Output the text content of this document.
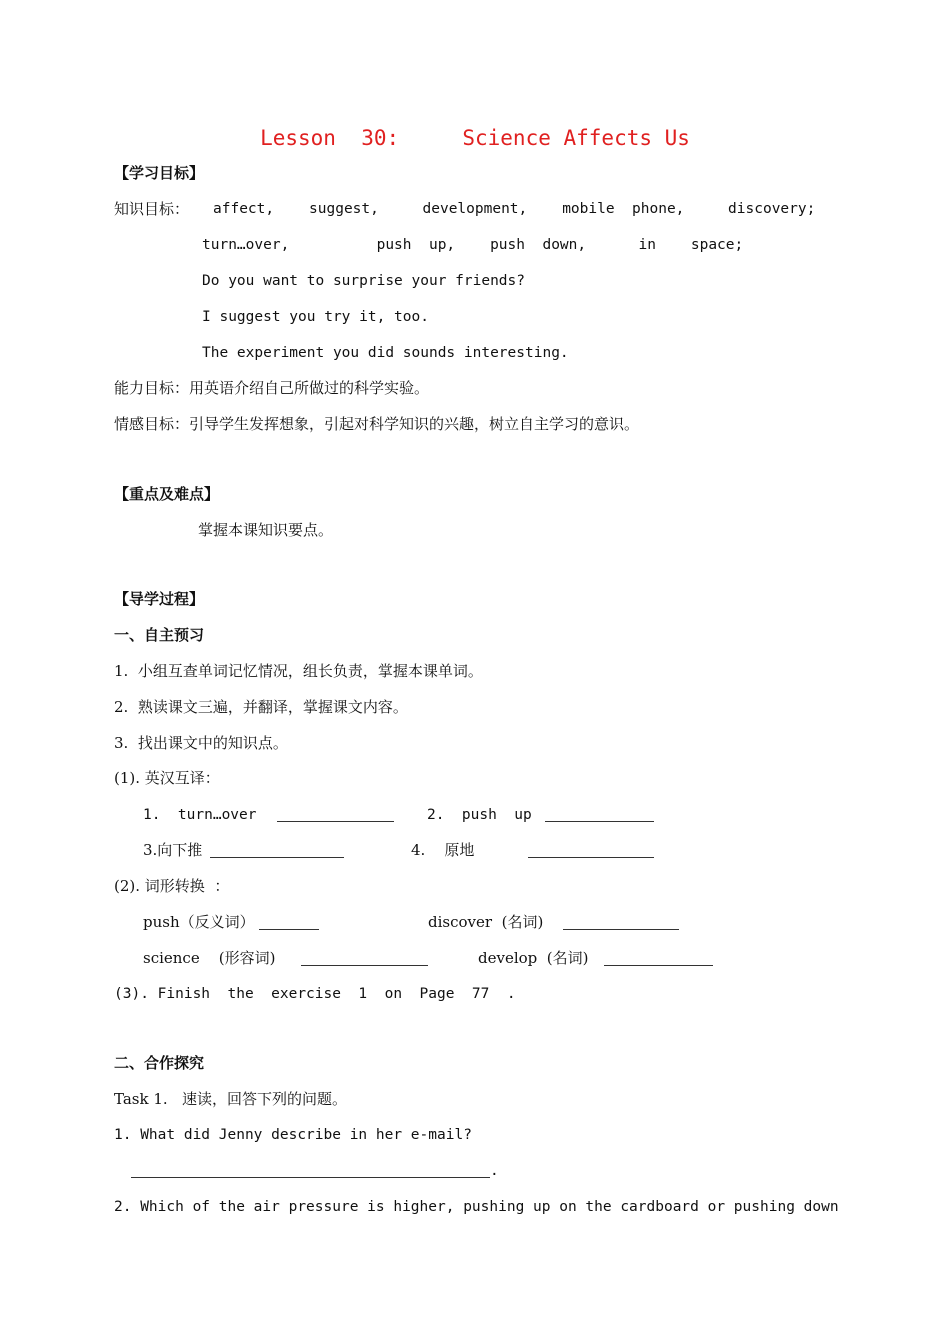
Lesson  30:     Science Affects Us
【学习目标】
知识目标： affect,    suggest,     development,    mobile  phone,     discovery;
turn…over,          push  up,    push  down,      in    space;
Do you want to surprise your friends?
I suggest you try it, too.
The experiment you did sounds interesting.
能力目标：用英语介绍自己所做过的科学实验。
情感目标：引导学生发挥想象，引起对科学知识的兴趣，树立自主学习的意识。
【重点及难点】
掌握本课知识要点。
【导学过程】
一、自主预习
1.  小组互查单词记忆情况，组长负责，掌握本课单词。
2.  熟读课文三遍，并翻译，掌握课文内容。
3.  找出课文中的知识点。
(1). 英汉互译：
1.  turn…over	2.  push  up
3.向下推	4.    原地
(2). 词形转换  ：
push（反义词）	discover  (名词)
science    (形容词)	develop  (名词)
(3). Finish  the  exercise  1  on  Page  77  .
二、合作探究
Task 1.   速读，回答下列的问题。
1. What did Jenny describe in her e-mail?
.
2. Which of the air pressure is higher, pushing up on the cardboard or pushing down
